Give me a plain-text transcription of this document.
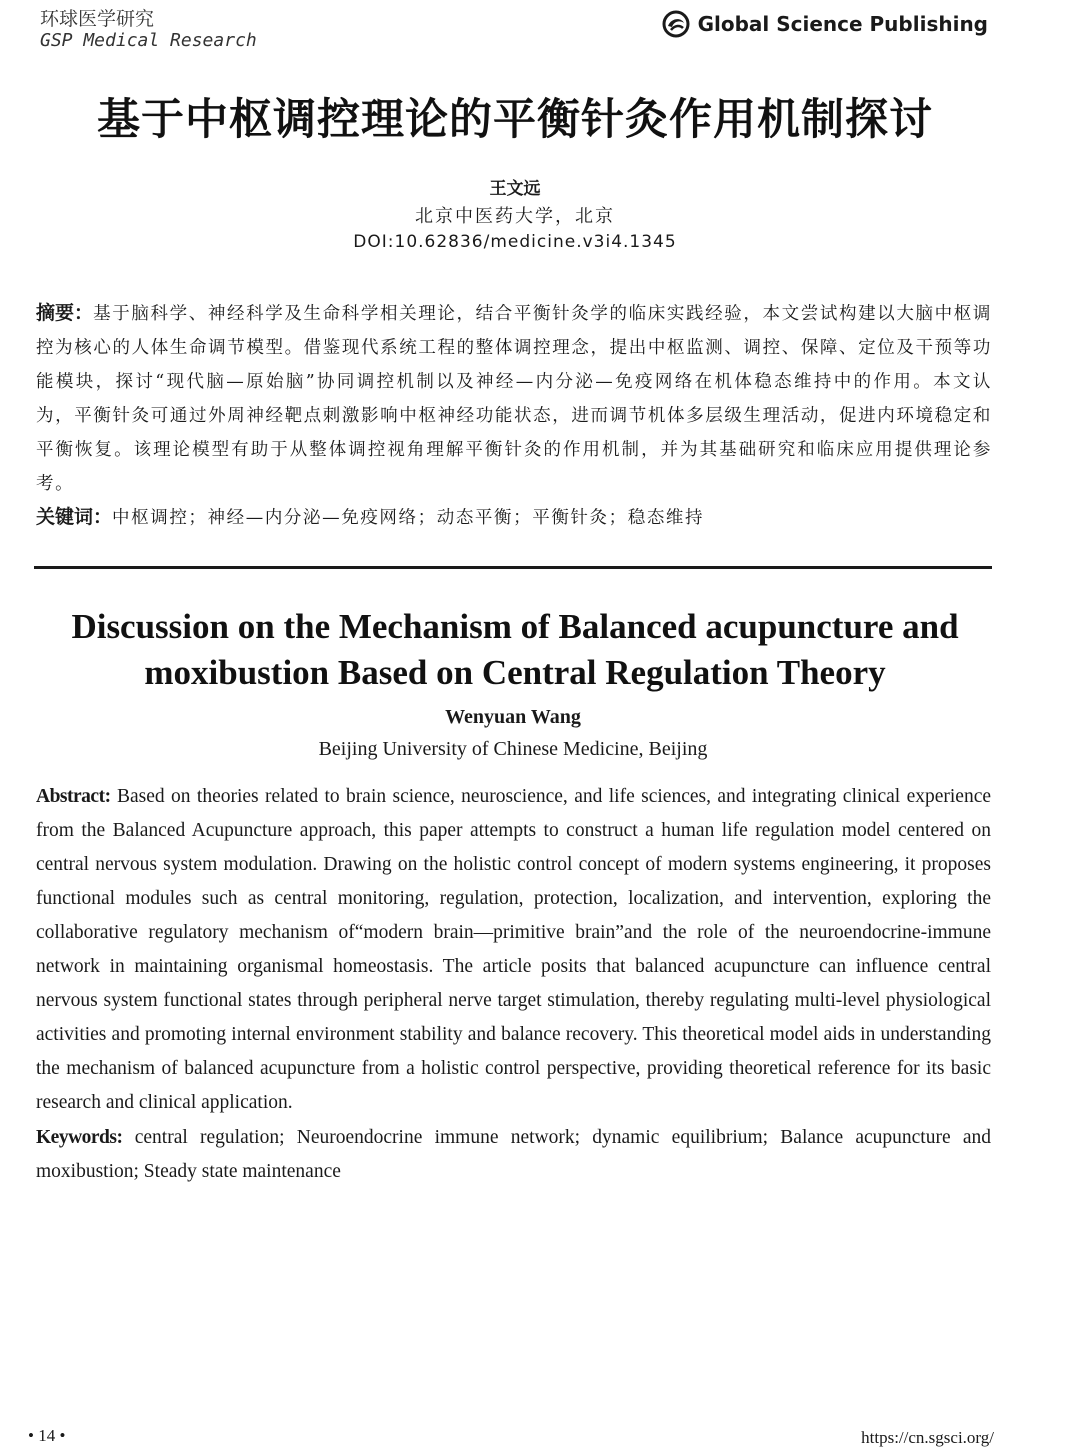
环球医学研究
GSP Medical Research
Global Science Publishing
基于中枢调控理论的平衡针灸作用机制探讨
王文远
北京中医药大学，北京
DOI:10.62836/medicine.v3i4.1345
摘要：基于脑科学、神经科学及生命科学相关理论，结合平衡针灸学的临床实践经验，本文尝试构建以大脑中枢调控为核心的人体生命调节模型。借鉴现代系统工程的整体调控理念，提出中枢监测、调控、保障、定位及干预等功能模块，探讨“现代脑—原始脑”协同调控机制以及神经—内分泌—免疫网络在机体稳态维持中的作用。本文认为，平衡针灸可通过外周神经靶点刺激影响中枢神经功能状态，进而调节机体多层级生理活动，促进内环境稳定和平衡恢复。该理论模型有助于从整体调控视角理解平衡针灸的作用机制，并为其基础研究和临床应用提供理论参考。
关键词：中枢调控；神经—内分泌—免疫网络；动态平衡；平衡针灸；稳态维持
Discussion on the Mechanism of Balanced acupuncture and
moxibustion Based on Central Regulation Theory
Wenyuan Wang
Beijing University of Chinese Medicine, Beijing
Abstract: Based on theories related to brain science, neuroscience, and life sciences, and integrating clinical experience from the Balanced Acupuncture approach, this paper attempts to construct a human life regulation model centered on central nervous system modulation. Drawing on the holistic control concept of modern systems engineering, it proposes functional modules such as central monitoring, regulation, protection, localization, and intervention, exploring the collaborative regulatory mechanism of“modern brain—primitive brain”and the role of the neuroendocrine-immune network in maintaining organismal homeostasis. The article posits that balanced acupuncture can influence central nervous system functional states through peripheral nerve target stimulation, thereby regulating multi-level physiological activities and promoting internal environment stability and balance recovery. This theoretical model aids in understanding the mechanism of balanced acupuncture from a holistic control perspective, providing theoretical reference for its basic research and clinical application.
Keywords: central regulation; Neuroendocrine immune network; dynamic equilibrium; Balance acupuncture and moxibustion; Steady state maintenance
• 14 •	https://cn.sgsci.org/
